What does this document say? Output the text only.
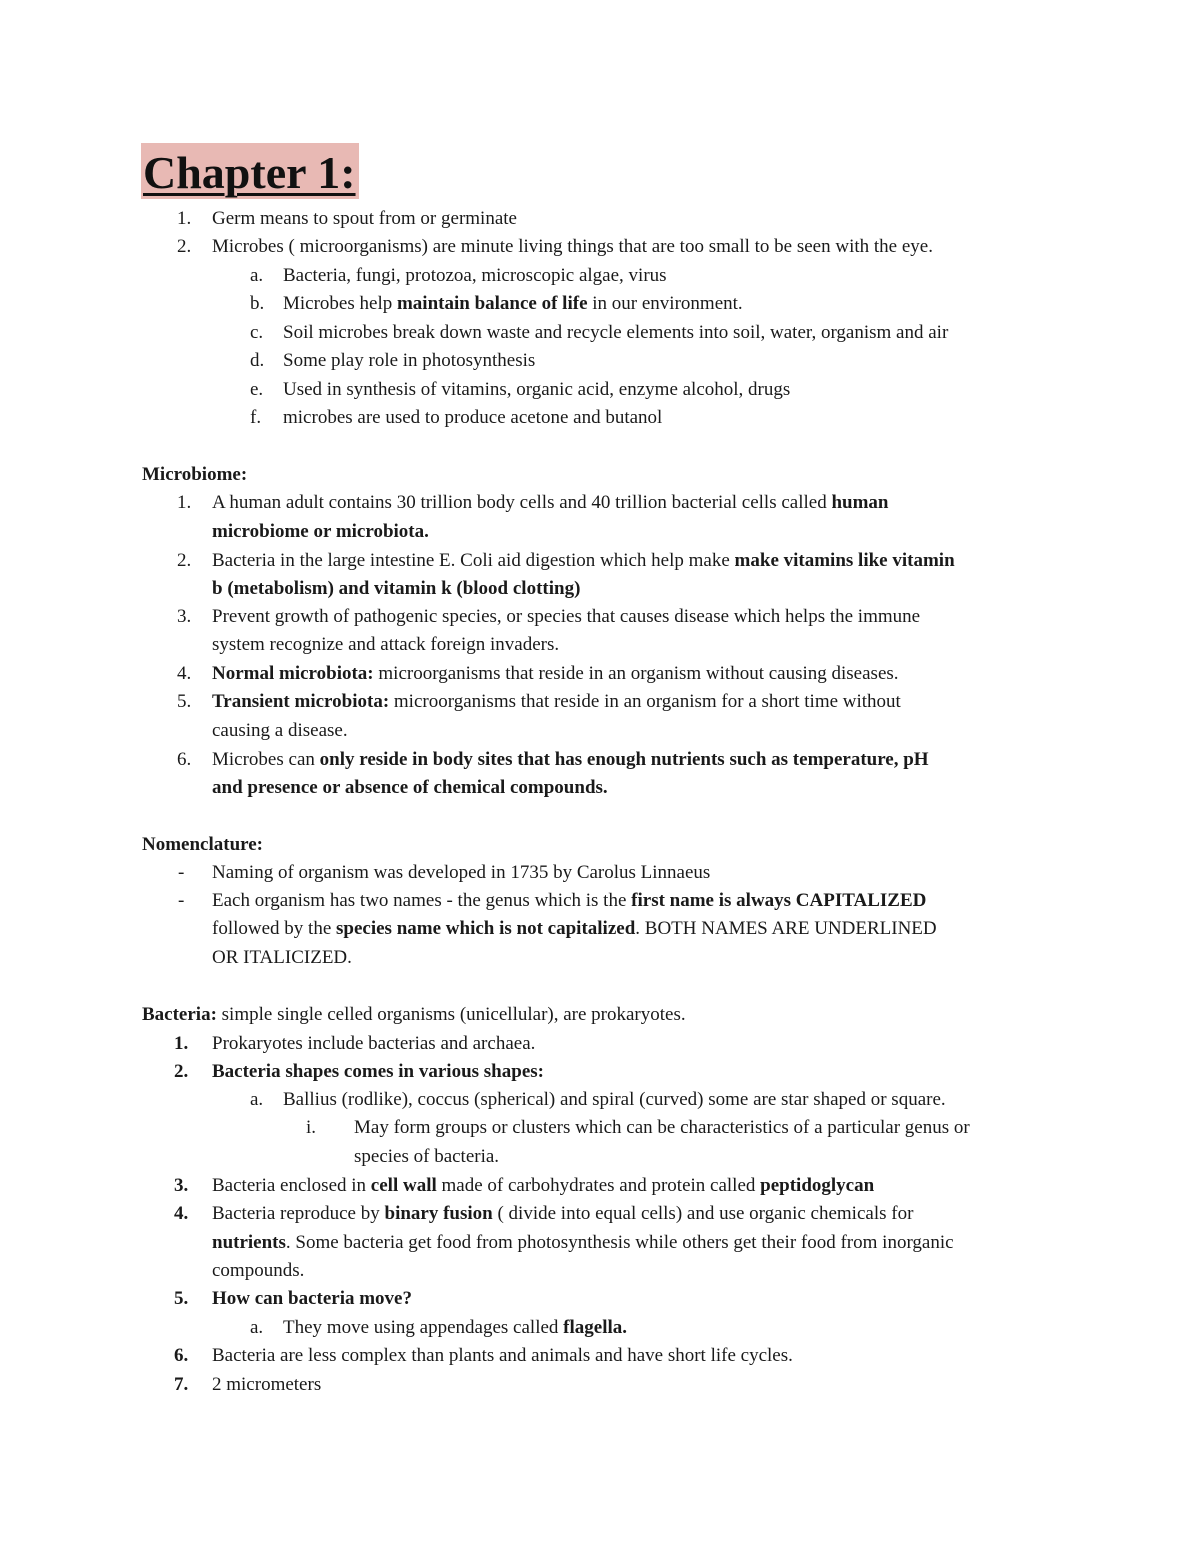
Chapter 1:
1. Germ means to spout from or germinate
2. Microbes ( microorganisms) are minute living things that are too small to be seen with the eye.
a. Bacteria, fungi, protozoa, microscopic algae, virus
b. Microbes help maintain balance of life in our environment.
c. Soil microbes break down waste and recycle elements into soil, water, organism and air
d. Some play role in photosynthesis
e. Used in synthesis of vitamins, organic acid, enzyme alcohol, drugs
f. microbes are used to produce acetone and butanol
Microbiome:
1. A human adult contains 30 trillion body cells and 40 trillion bacterial cells called human
microbiome or microbiota.
2. Bacteria in the large intestine E. Coli aid digestion which help make make vitamins like vitamin
b (metabolism) and vitamin k (blood clotting)
3. Prevent growth of pathogenic species, or species that causes disease which helps the immune
system recognize and attack foreign invaders.
4. Normal microbiota: microorganisms that reside in an organism without causing diseases.
5. Transient microbiota: microorganisms that reside in an organism for a short time without
causing a disease.
6. Microbes can only reside in body sites that has enough nutrients such as temperature, pH
and presence or absence of chemical compounds.
Nomenclature:
- Naming of organism was developed in 1735 by Carolus Linnaeus
- Each organism has two names - the genus which is the first name is always CAPITALIZED
followed by the species name which is not capitalized. BOTH NAMES ARE UNDERLINED
OR ITALICIZED.
Bacteria: simple single celled organisms (unicellular), are prokaryotes.
1. Prokaryotes include bacterias and archaea.
2. Bacteria shapes comes in various shapes:
a. Ballius (rodlike), coccus (spherical) and spiral (curved) some are star shaped or square.
i. May form groups or clusters which can be characteristics of a particular genus or
species of bacteria.
3. Bacteria enclosed in cell wall made of carbohydrates and protein called peptidoglycan
4. Bacteria reproduce by binary fusion ( divide into equal cells) and use organic chemicals for
nutrients. Some bacteria get food from photosynthesis while others get their food from inorganic
compounds.
5. How can bacteria move?
a. They move using appendages called flagella.
6. Bacteria are less complex than plants and animals and have short life cycles.
7. 2 micrometers
